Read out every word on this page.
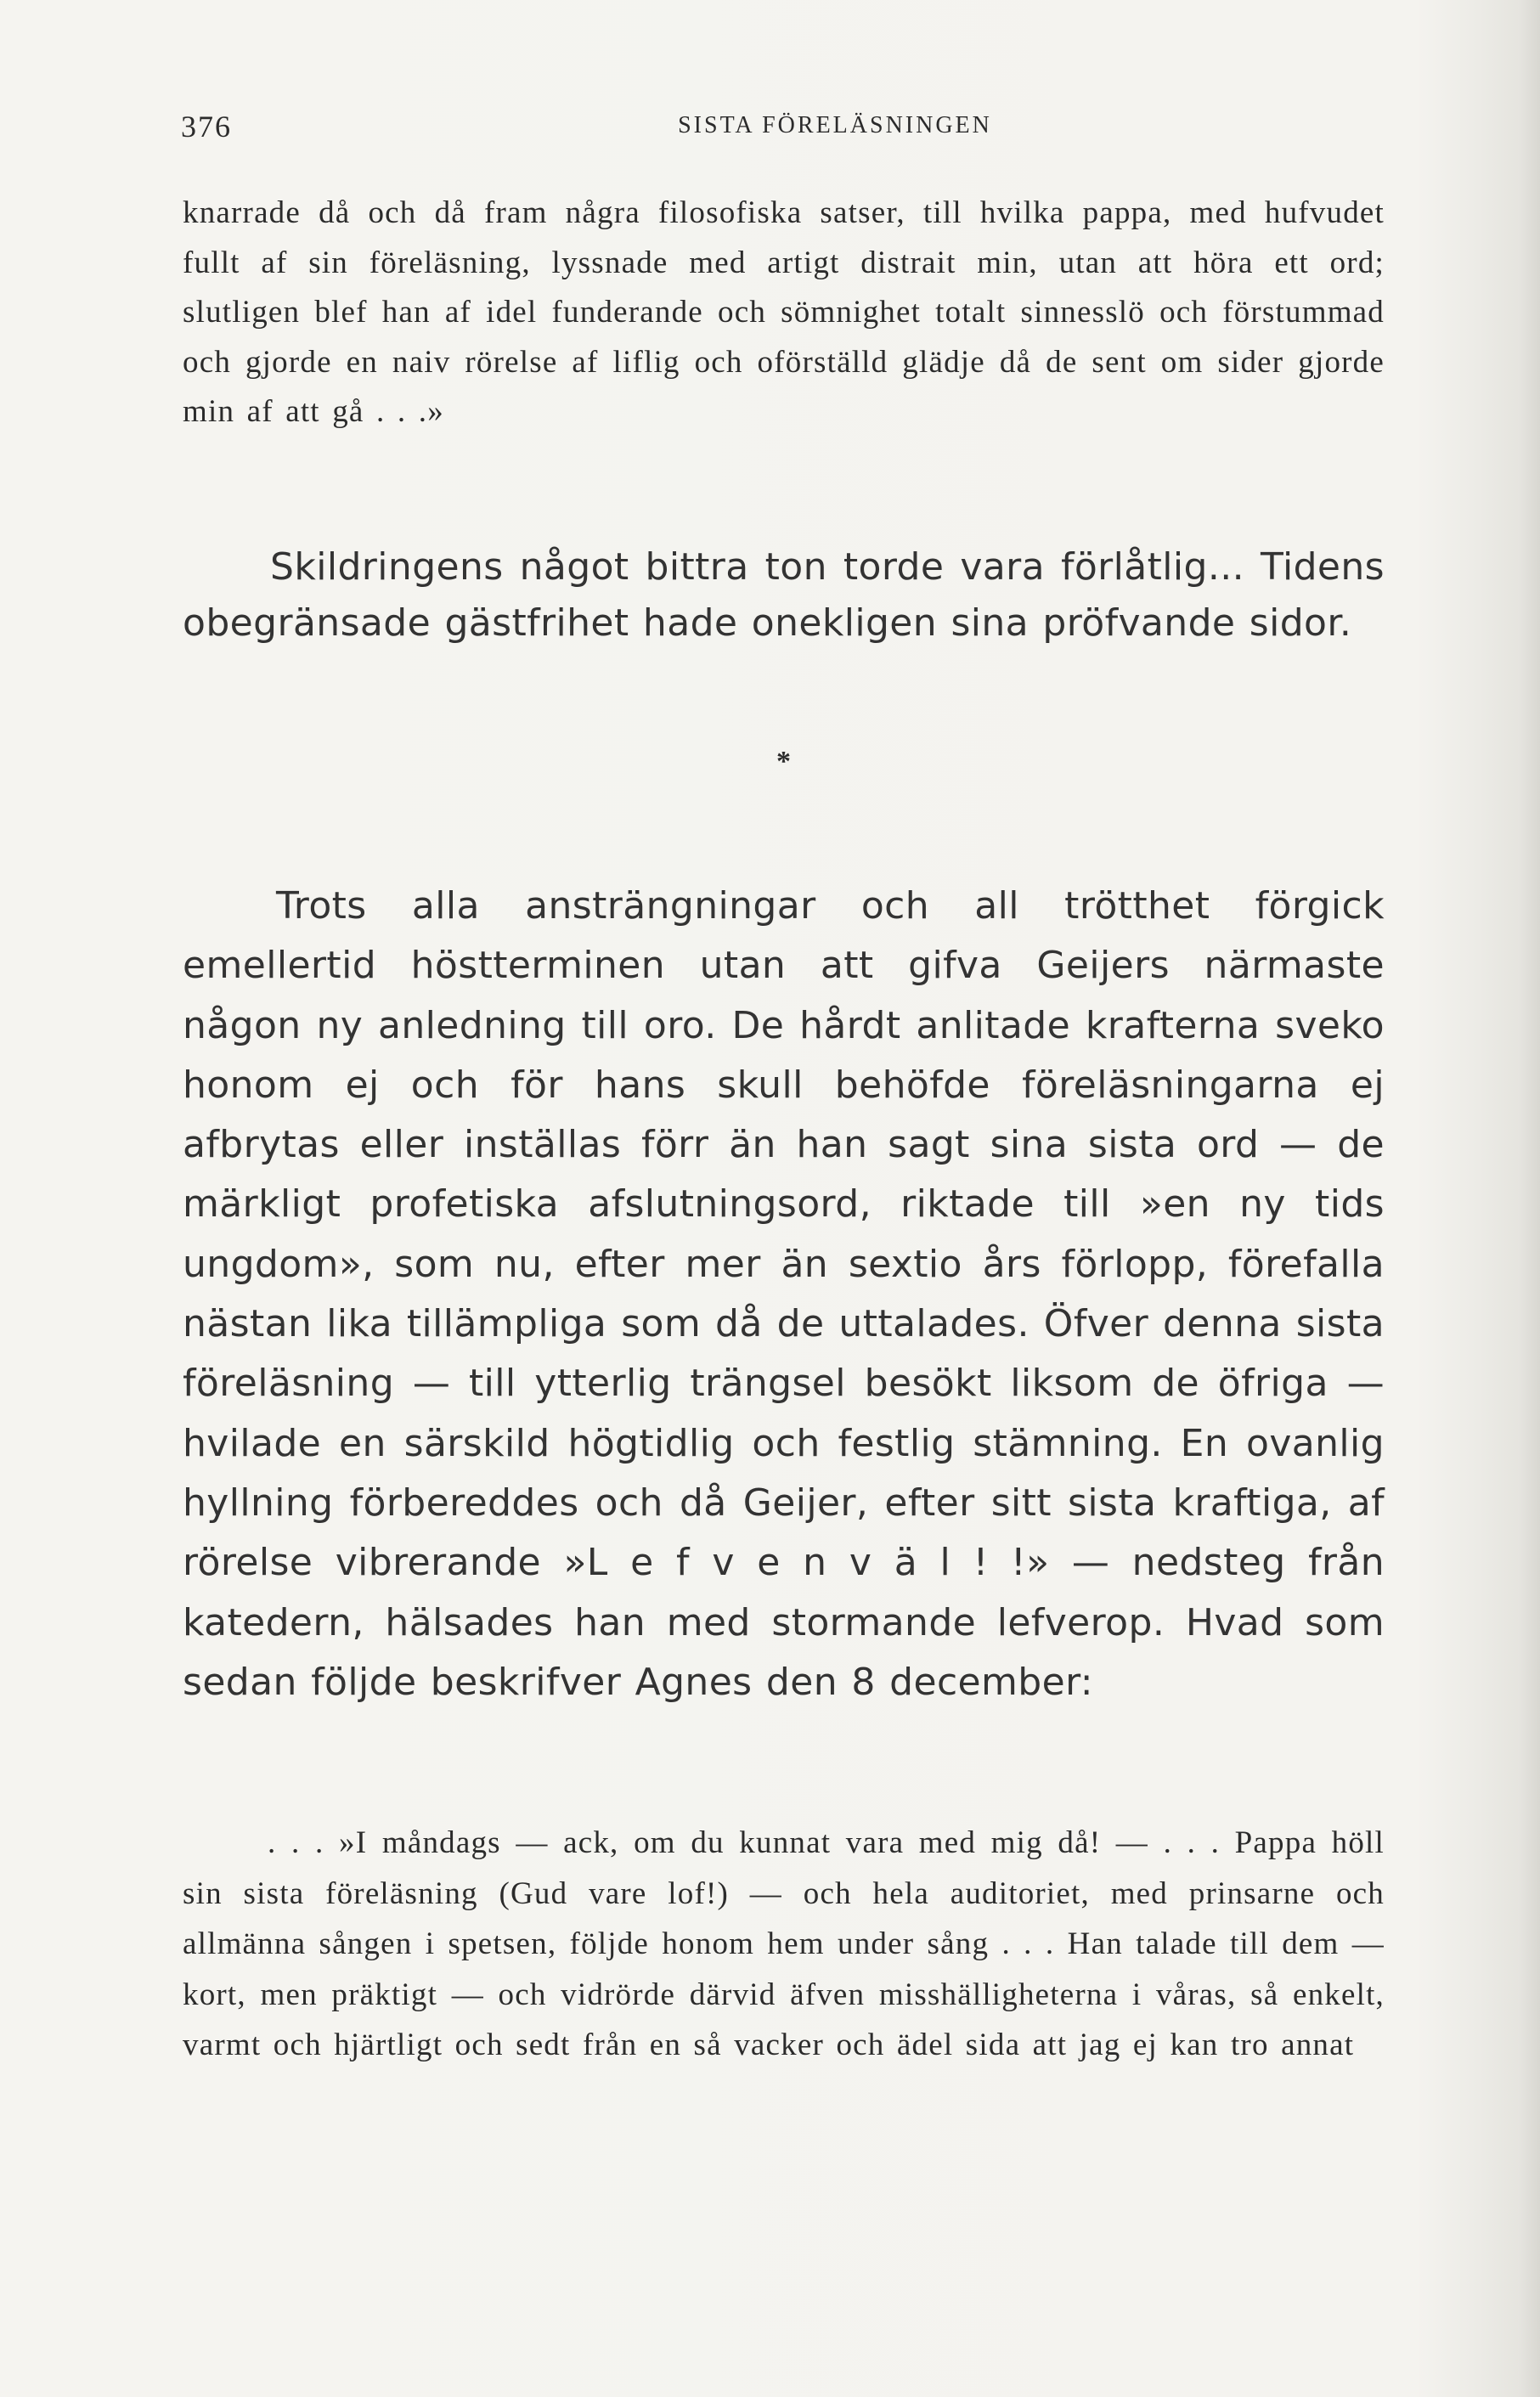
376	SISTA FÖRELÄSNINGEN
knarrade då och då fram några filosofiska satser, till hvilka pappa, med hufvudet fullt af sin föreläsning, lyssnade med artigt distrait min, utan att höra ett ord; slutligen blef han af idel funderande och sömnighet totalt sinnesslö och förstummad och gjorde en naiv rörelse af liflig och oförställd glädje då de sent om sider gjorde min af att gå . . .»
Skildringens något bittra ton torde vara förlåtlig... Tidens obegränsade gästfrihet hade onekligen sina pröfvande sidor.
*
Trots alla ansträngningar och all trötthet förgick emellertid höstterminen utan att gifva Geijers närmaste någon ny anledning till oro. De hårdt anlitade krafterna sveko honom ej och för hans skull behöfde föreläsningarna ej afbrytas eller inställas förr än han sagt sina sista ord — de märkligt profetiska afslutningsord, riktade till »en ny tids ungdom», som nu, efter mer än sextio års förlopp, förefalla nästan lika tillämpliga som då de uttalades. Öfver denna sista föreläsning — till ytterlig trängsel besökt liksom de öfriga — hvilade en särskild högtidlig och festlig stämning. En ovanlig hyllning förbereddes och då Geijer, efter sitt sista kraftiga, af rörelse vibrerande »L e f v e n v ä l ! !» — nedsteg från katedern, hälsades han med stormande lefverop. Hvad som sedan följde beskrifver Agnes den 8 december:
. . . »I måndags — ack, om du kunnat vara med mig då! — . . . Pappa höll sin sista föreläsning (Gud vare lof!) — och hela auditoriet, med prinsarne och allmänna sången i spetsen, följde honom hem under sång . . . Han talade till dem — kort, men präktigt — och vidrörde därvid äfven misshälligheterna i våras, så enkelt, varmt och hjärtligt och sedt från en så vacker och ädel sida att jag ej kan tro annat
